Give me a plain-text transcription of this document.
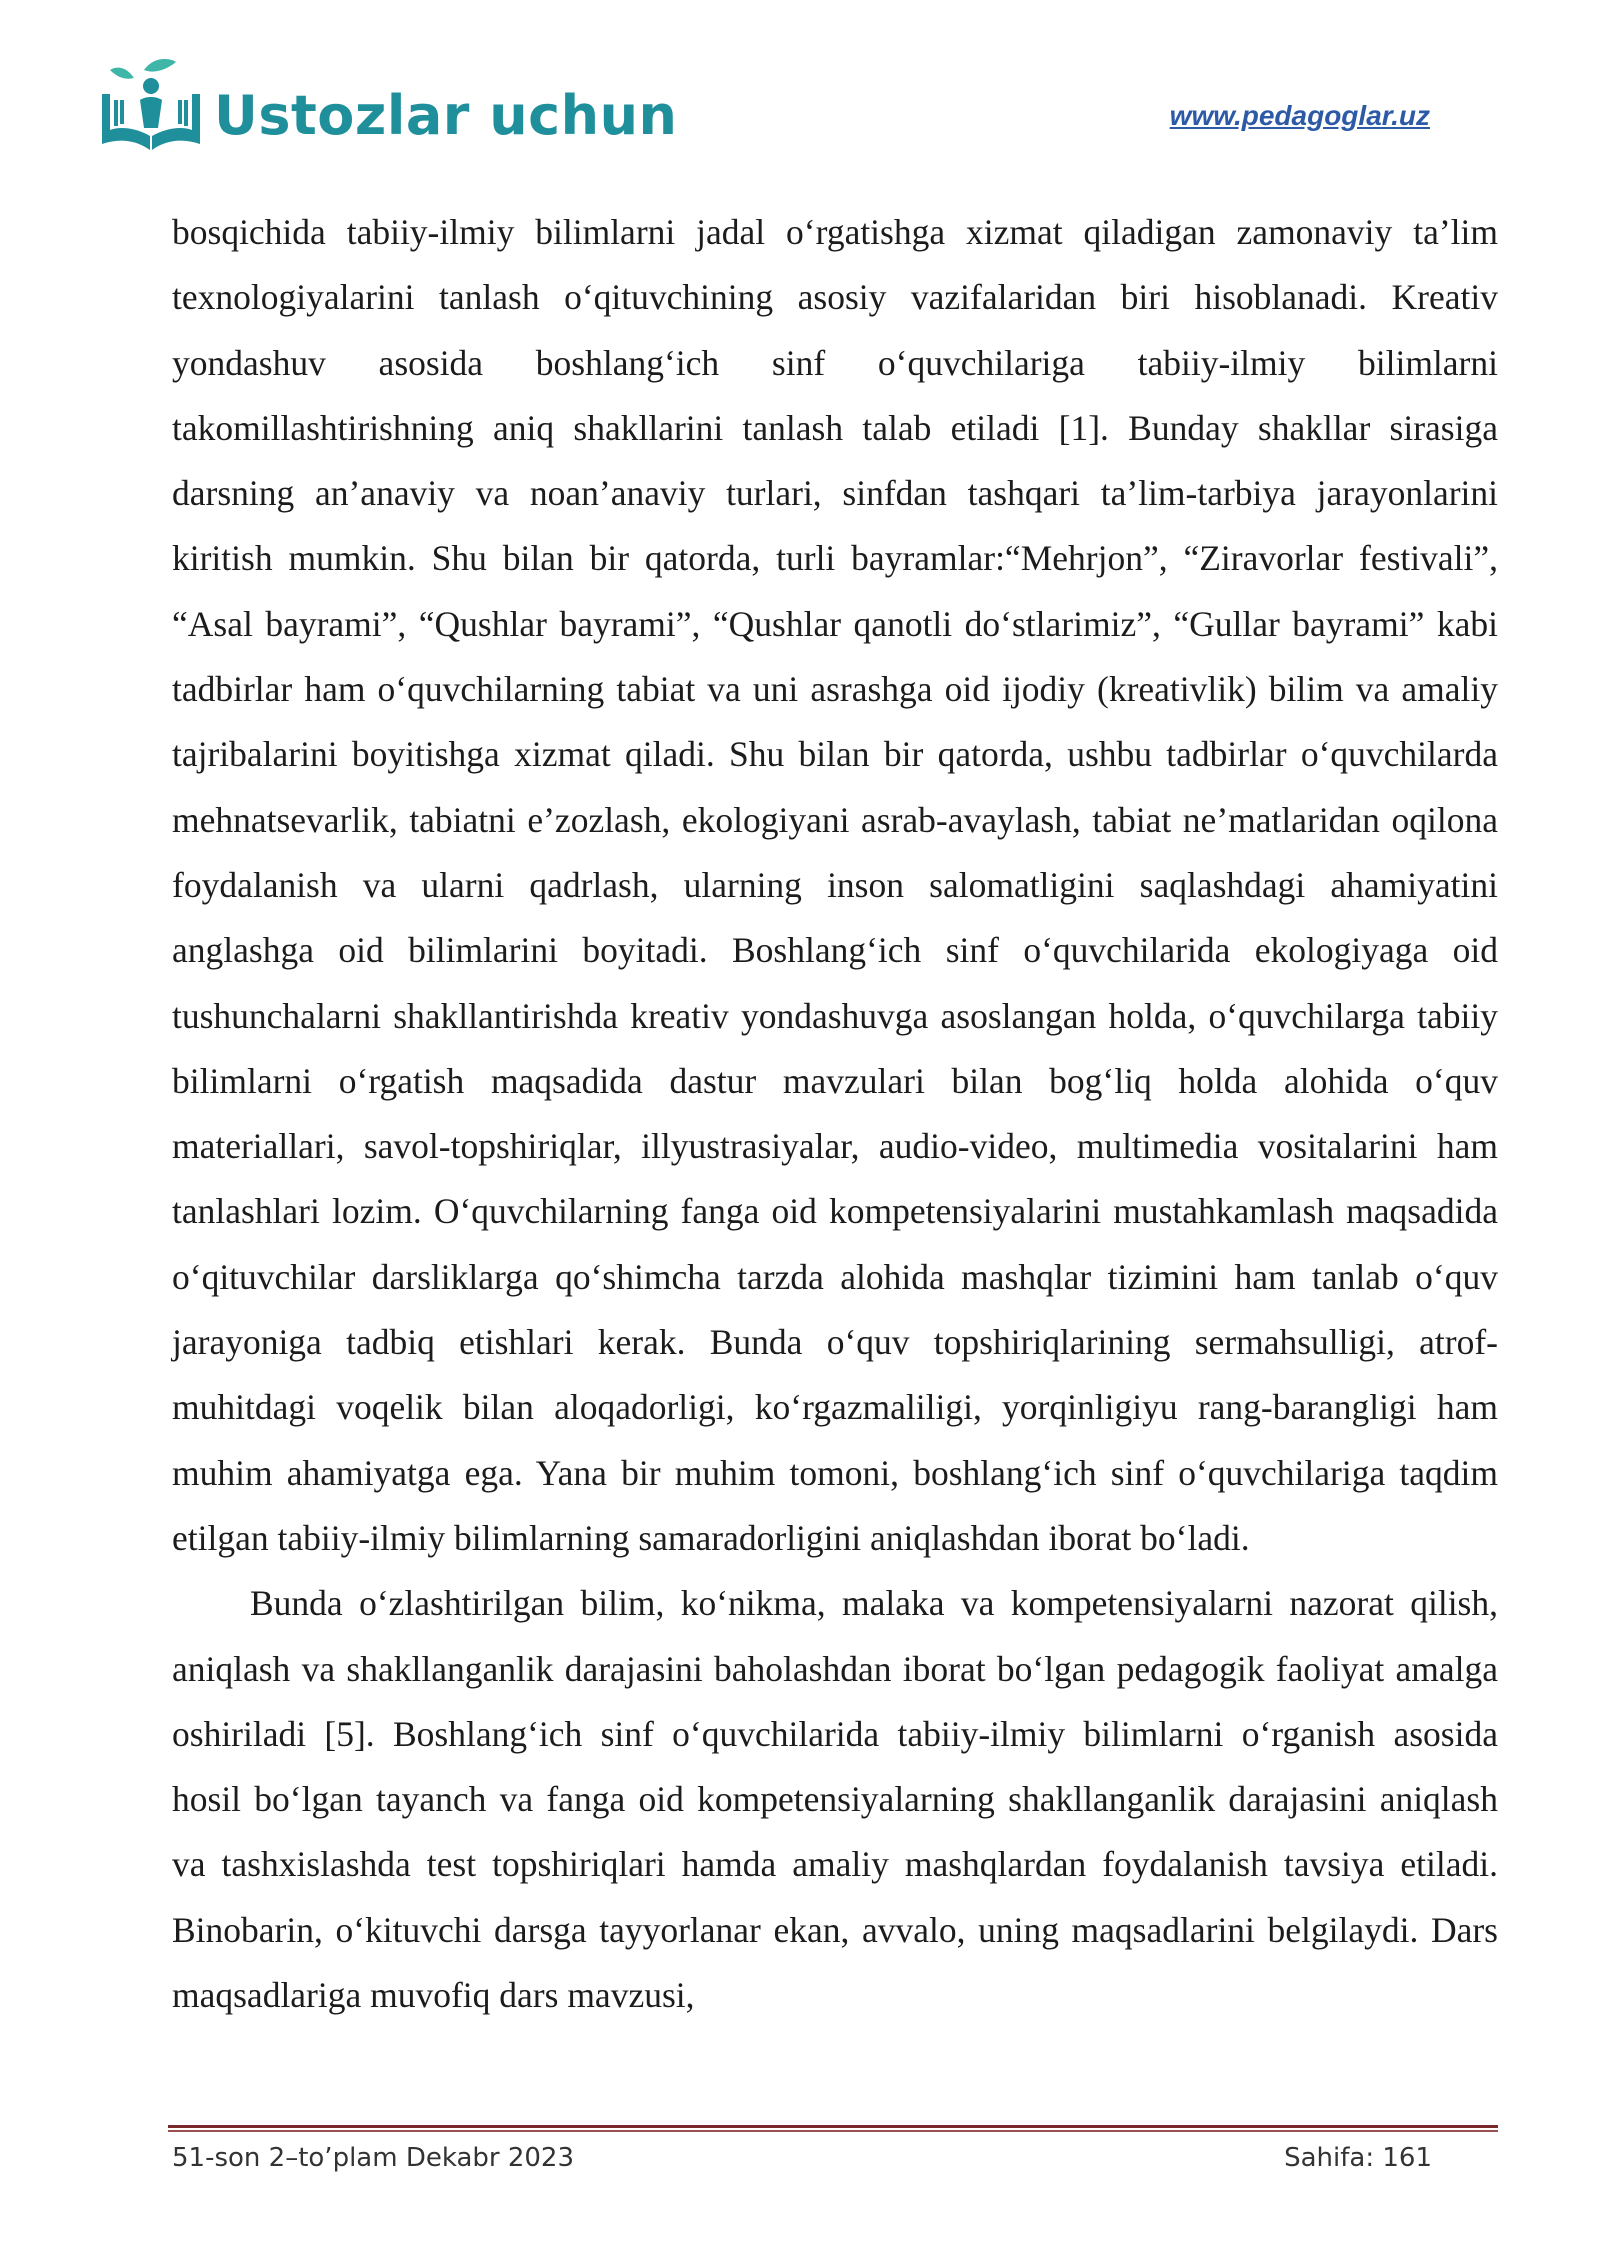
Ustozlar uchun	www.pedagoglar.uz

bosqichida tabiiy-ilmiy bilimlarni jadal o‘rgatishga xizmat qiladigan zamonaviy ta’lim texnologiyalarini tanlash o‘qituvchining asosiy vazifalaridan biri hisoblanadi. Kreativ yondashuv asosida boshlang‘ich sinf o‘quvchilariga tabiiy-ilmiy bilimlarni takomillashtirishning aniq shakllarini tanlash talab etiladi [1]. Bunday shakllar sirasiga darsning an’anaviy va noan’anaviy turlari, sinfdan tashqari ta’lim-tarbiya jarayonlarini kiritish mumkin. Shu bilan bir qatorda, turli bayramlar:“Mehrjon”, “Ziravorlar festivali”, “Asal bayrami”, “Qushlar bayrami”, “Qushlar qanotli do‘stlarimiz”, “Gullar bayrami” kabi tadbirlar ham o‘quvchilarning tabiat va uni asrashga oid ijodiy (kreativlik) bilim va amaliy tajribalarini boyitishga xizmat qiladi. Shu bilan bir qatorda, ushbu tadbirlar o‘quvchilarda mehnatsevarlik, tabiatni e’zozlash, ekologiyani asrab-avaylash, tabiat ne’matlaridan oqilona foydalanish va ularni qadrlash, ularning inson salomatligini saqlashdagi ahamiyatini anglashga oid bilimlarini boyitadi. Boshlang‘ich sinf o‘quvchilarida ekologiyaga oid tushunchalarni shakllantirishda kreativ yondashuvga asoslangan holda, o‘quvchilarga tabiiy bilimlarni o‘rgatish maqsadida dastur mavzulari bilan bog‘liq holda alohida o‘quv materiallari, savol-topshiriqlar, illyustrasiyalar, audio-video, multimedia vositalarini ham tanlashlari lozim. O‘quvchilarning fanga oid kompetensiyalarini mustahkamlash maqsadida o‘qituvchilar darsliklarga qo‘shimcha tarzda alohida mashqlar tizimini ham tanlab o‘quv jarayoniga tadbiq etishlari kerak. Bunda o‘quv topshiriqlarining sermahsulligi, atrof-muhitdagi voqelik bilan aloqadorligi, ko‘rgazmaliligi, yorqinligiyu rang-barangligi ham muhim ahamiyatga ega. Yana bir muhim tomoni, boshlang‘ich sinf o‘quvchilariga taqdim etilgan tabiiy-ilmiy bilimlarning samaradorligini aniqlashdan iborat bo‘ladi.

Bunda o‘zlashtirilgan bilim, ko‘nikma, malaka va kompetensiyalarni nazorat qilish, aniqlash va shakllanganlik darajasini baholashdan iborat bo‘lgan pedagogik faoliyat amalga oshiriladi [5]. Boshlang‘ich sinf o‘quvchilarida tabiiy-ilmiy bilimlarni o‘rganish asosida hosil bo‘lgan tayanch va fanga oid kompetensiyalarning shakllanganlik darajasini aniqlash va tashxislashda test topshiriqlari hamda amaliy mashqlardan foydalanish tavsiya etiladi. Binobarin, o‘kituvchi darsga tayyorlanar ekan, avvalo, uning maqsadlarini belgilaydi. Dars maqsadlariga muvofiq dars mavzusi,

51-son 2–to’plam Dekabr 2023	Sahifa: 161
